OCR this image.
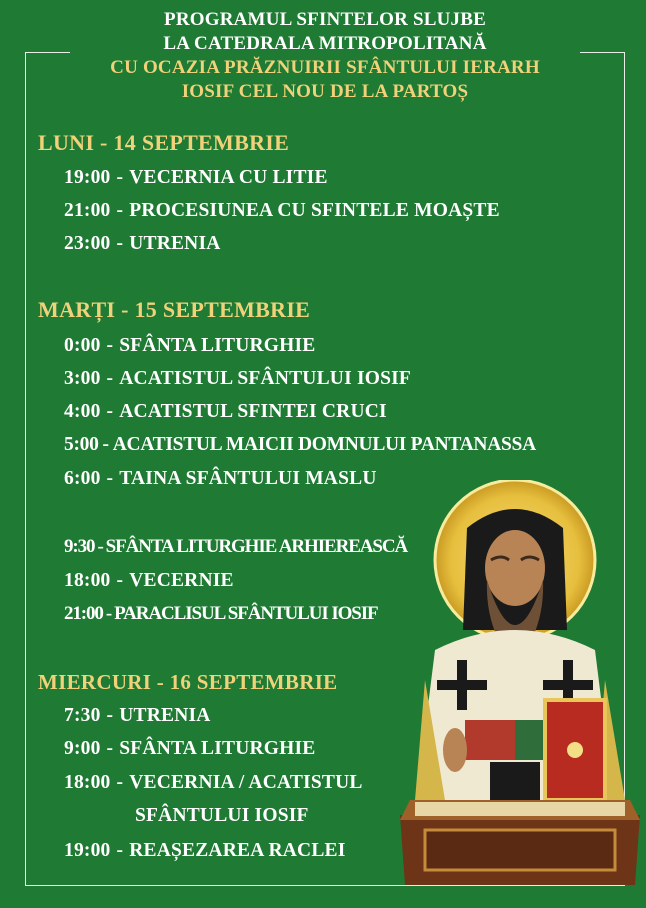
PROGRAMUL SFINTELOR SLUJBE
LA CATEDRALA MITROPOLITANĂ
CU OCAZIA PRĂZNUIRII SFÂNTULUI IERARH
IOSIF CEL NOU DE LA PARTOȘ
LUNI - 14 SEPTEMBRIE
19:00 - VECERNIA CU LITIE
21:00 - PROCESIUNEA CU SFINTELE MOAȘTE
23:00 - UTRENIA
MARȚI - 15 SEPTEMBRIE
0:00 - SFÂNTA LITURGHIE
3:00 - ACATISTUL SFÂNTULUI IOSIF
4:00 - ACATISTUL SFINTEI CRUCI
5:00 - ACATISTUL MAICII DOMNULUI PANTANASSA
6:00 - TAINA SFÂNTULUI MASLU
9:30 - SFÂNTA LITURGHIE ARHIEREASCĂ
18:00 - VECERNIE
21:00 - PARACLISUL SFÂNTULUI IOSIF
MIERCURI - 16 SEPTEMBRIE
7:30 - UTRENIA
9:00 - SFÂNTA LITURGHIE
18:00 - VECERNIA / ACATISTUL
SFÂNTULUI IOSIF
19:00 - REAȘEZAREA RACLEI
